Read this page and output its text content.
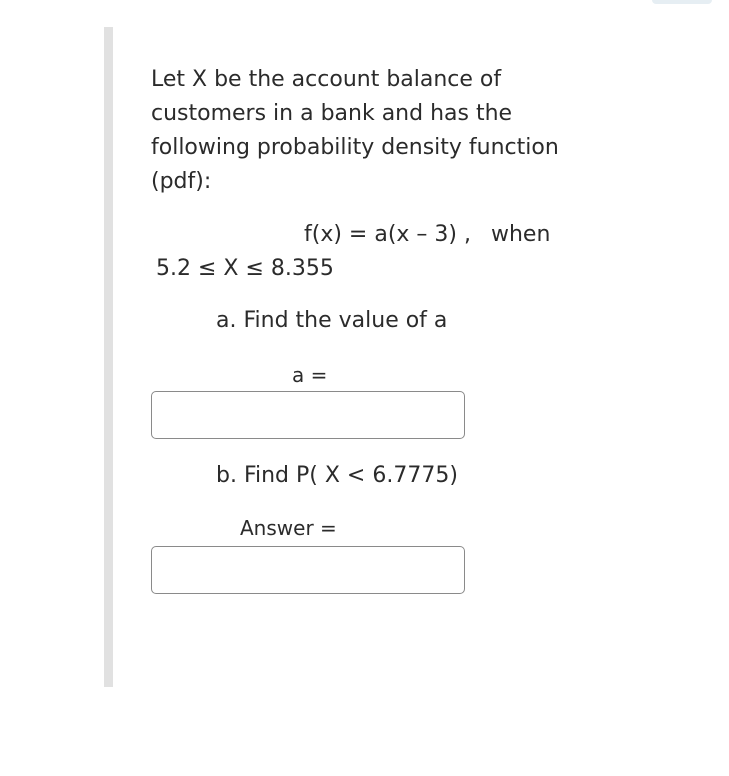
Let X be the account balance of
customers in a bank and has the
following probability density function
(pdf):

f(x) = a(x – 3) , when

5.2 ≤ X ≤ 8.355

a. Find the value of a

a =

b. Find P( X < 6.7775)

Answer =
